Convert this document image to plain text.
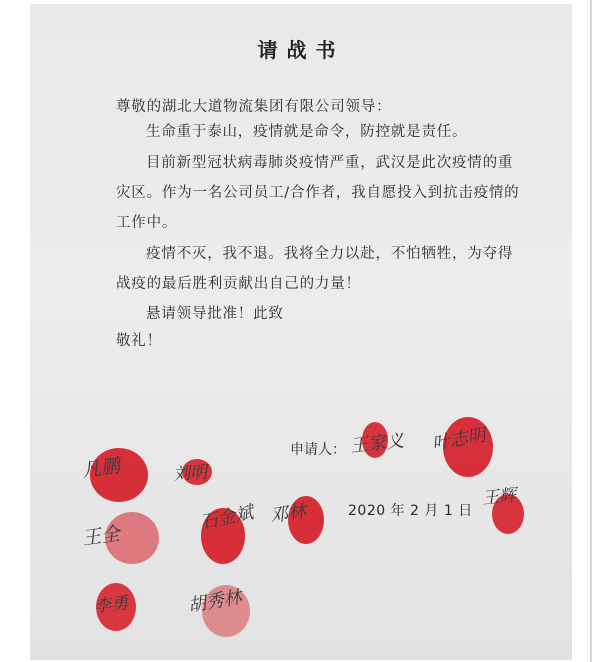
请战书
尊敬的湖北大道物流集团有限公司领导：
生命重于泰山，疫情就是命令，防控就是责任。
目前新型冠状病毒肺炎疫情严重，武汉是此次疫情的重
灾区。作为一名公司员工/合作者，我自愿投入到抗击疫情的
工作中。
疫情不灭，我不退。我将全力以赴，不怕牺牲，为夺得
战疫的最后胜利贡献出自己的力量！
悬请领导批准！此致
敬礼！
申请人：
2020 年 2 月 1 日
凡鹏	刘明
王家义 叶志明
王全
石金斌 邓林
王辉
李勇	胡秀林
